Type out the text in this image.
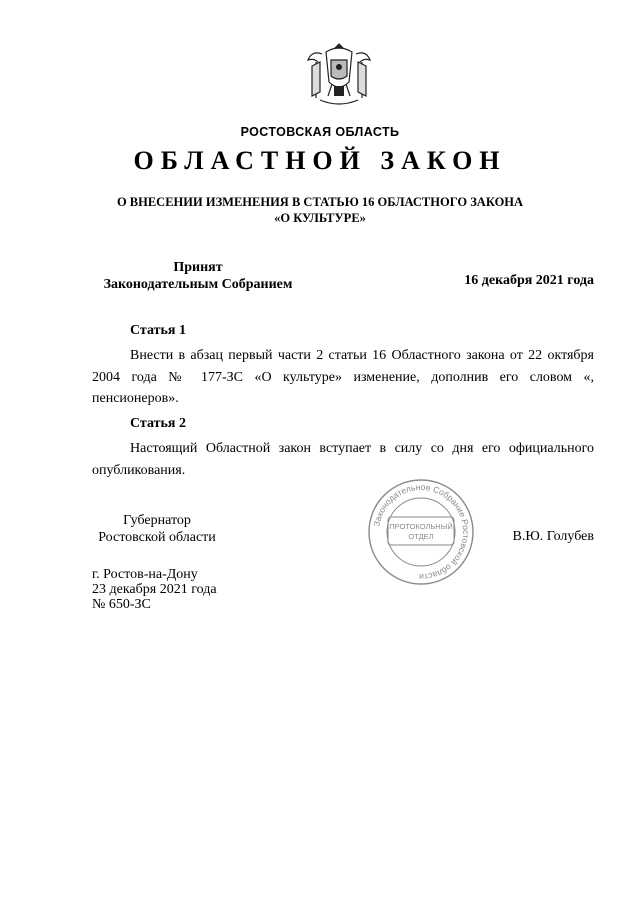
РОСТОВСКАЯ ОБЛАСТЬ
ОБЛАСТНОЙ ЗАКОН
О ВНЕСЕНИИ ИЗМЕНЕНИЯ В СТАТЬЮ 16 ОБЛАСТНОГО ЗАКОНА
«О КУЛЬТУРЕ»
Принят
Законодательным Собранием	16 декабря 2021 года
Статья 1
Внести в абзац первый части 2 статьи 16 Областного закона от 22 октября 2004 года № 177-ЗС «О культуре» изменение, дополнив его словом «, пенсионеров».
Статья 2
Настоящий Областной закон вступает в силу со дня его официального опубликования.
Губернатор
Ростовской области	В.Ю. Голубев
г. Ростов-на-Дону
23 декабря 2021 года
№ 650-ЗС
Законодательное Собрание Ростовской области
ПРОТОКОЛЬНЫЙ
ОТДЕЛ
